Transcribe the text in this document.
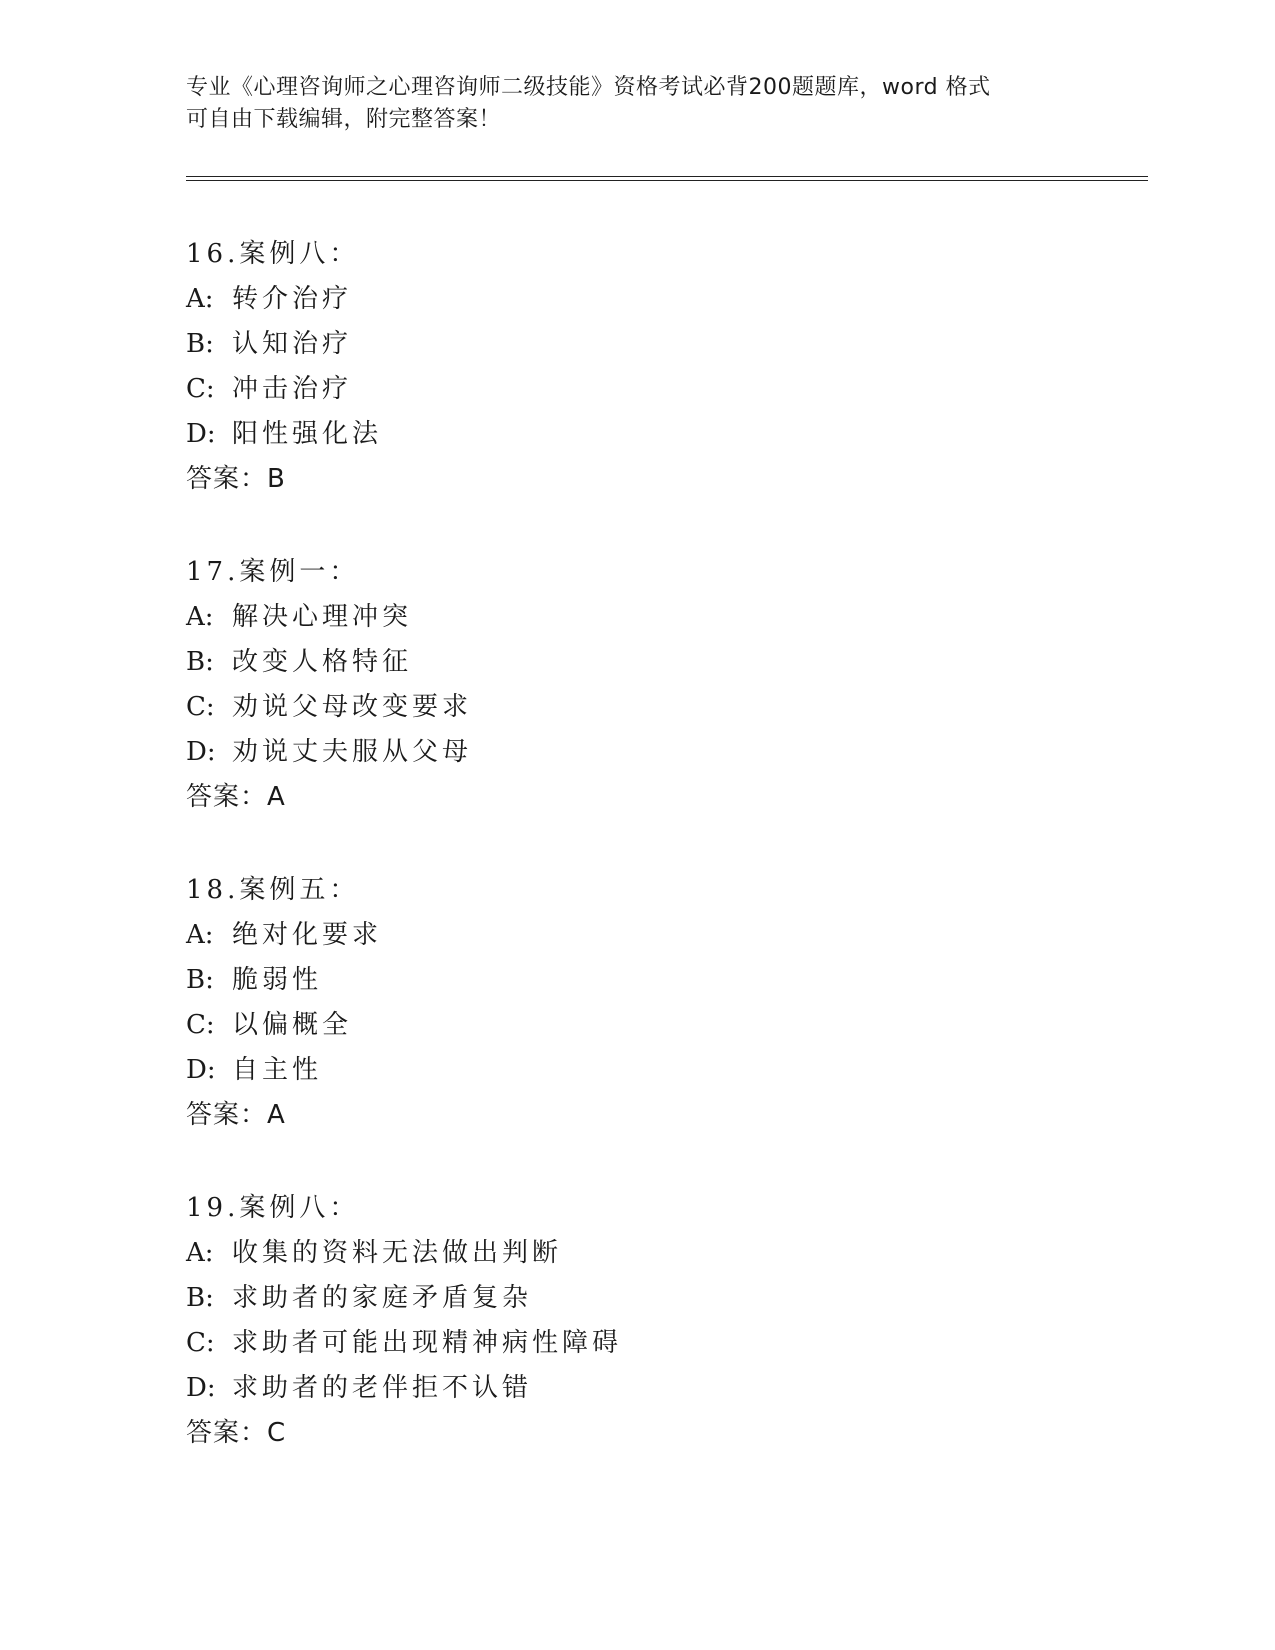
专业《心理咨询师之心理咨询师二级技能》资格考试必背200题题库，word 格式
可自由下载编辑，附完整答案！
16.案例八：
A: 转介治疗
B: 认知治疗
C: 冲击治疗
D: 阳性强化法
答案：B
17.案例一：
A: 解决心理冲突
B: 改变人格特征
C: 劝说父母改变要求
D: 劝说丈夫服从父母
答案：A
18.案例五：
A: 绝对化要求
B: 脆弱性
C: 以偏概全
D: 自主性
答案：A
19.案例八：
A: 收集的资料无法做出判断
B: 求助者的家庭矛盾复杂
C: 求助者可能出现精神病性障碍
D: 求助者的老伴拒不认错
答案：C
